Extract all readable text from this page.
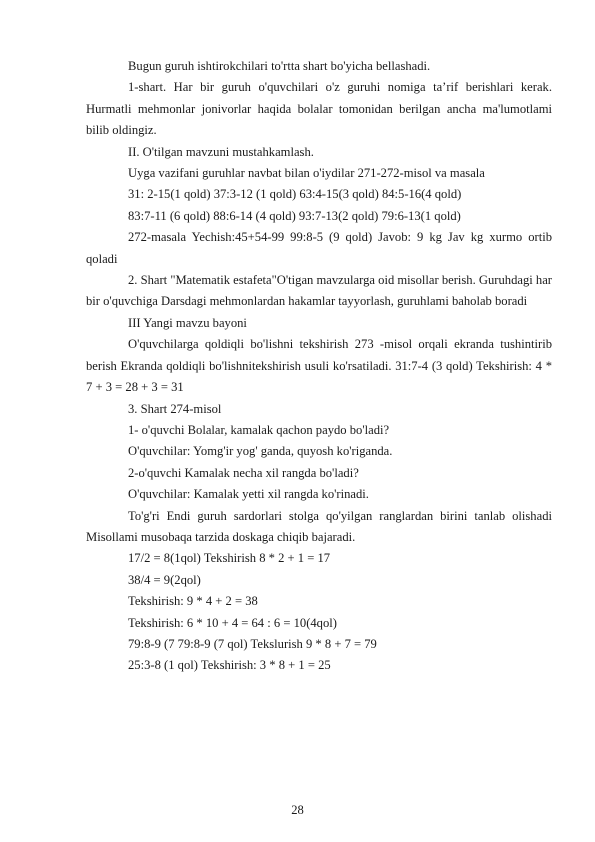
Bugun guruh ishtirokchilari to'rtta shart bo'yicha bellashadi.

1-shart. Har bir guruh o'quvchilari o'z guruhi nomiga ta’rif berishlari kerak. Hurmatli mehmonlar jonivorlar haqida bolalar tomonidan berilgan ancha ma'lumotlami bilib oldingiz.

II. O'tilgan mavzuni mustahkamlash.

Uyga vazifani guruhlar navbat bilan o'iydilar 271-272-misol va masala

31: 2-15(1 qold) 37:3-12 (1 qold) 63:4-15(3 qold) 84:5-16(4 qold)

83:7-11 (6 qold) 88:6-14 (4 qold) 93:7-13(2 qold) 79:6-13(1 qold)

272-masala Yechish:45+54-99 99:8-5 (9 qold) Javob: 9 kg Jav kg xurmo ortib qoladi

2. Shart "Matematik estafeta"O'tigan mavzularga oid misollar berish. Guruhdagi har bir o'quvchiga Darsdagi mehmonlardan hakamlar tayyorlash, guruhlami baholab boradi

III Yangi mavzu bayoni

O'quvchilarga qoldiqli bo'lishni tekshirish 273 -misol orqali ekranda tushintirib berish Ekranda qoldiqli bo'lishnitekshirish usuli ko'rsatiladi. 31:7-4 (3 qold) Tekshirish: 4 * 7 + 3 = 28 + 3 = 31

3. Shart 274-misol

1- o'quvchi Bolalar, kamalak qachon paydo bo'ladi?

O'quvchilar: Yomg'ir yog' ganda, quyosh ko'riganda.

2-o'quvchi Kamalak necha xil rangda bo'ladi?

O'quvchilar: Kamalak yetti xil rangda ko'rinadi.

To'g'ri Endi guruh sardorlari stolga qo'yilgan ranglardan birini tanlab olishadi Misollami musobaqa tarzida doskaga chiqib bajaradi.

17/2 = 8(1qol) Tekshirish 8 * 2 + 1 = 17

38/4 = 9(2qol)

Tekshirish: 9 * 4 + 2 = 38

Tekshirish: 6 * 10 + 4 = 64 : 6 = 10(4qol)

79:8-9 (7 79:8-9 (7 qol) Tekslurish 9 * 8 + 7 = 79

25:3-8 (1 qol) Tekshirish: 3 * 8 + 1 = 25

28
